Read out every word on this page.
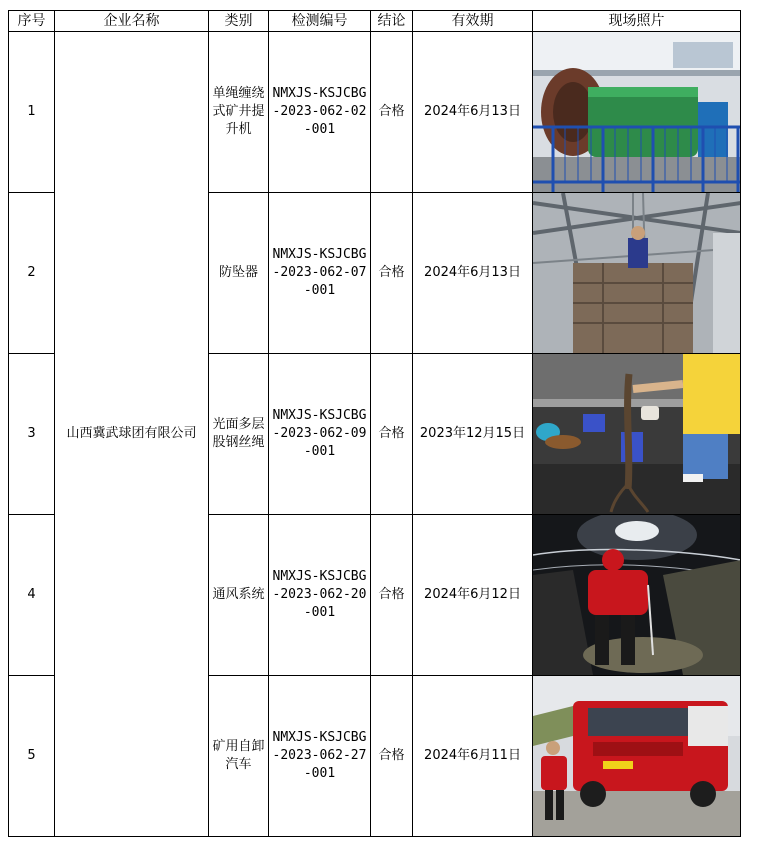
序号	企业名称	类别	检测编号	结论	有效期	现场照片
1	山西冀武球团有限公司	单绳缠绕式矿井提升机	NMXJS-KSJCBG-2023-062-02-001	合格	2024年6月13日	

2		防坠器	NMXJS-KSJCBG-2023-062-07-001	合格	2024年6月13日	

3		光面多层股钢丝绳	NMXJS-KSJCBG-2023-062-09-001	合格	2023年12月15日	

4		通风系统	NMXJS-KSJCBG-2023-062-20-001	合格	2024年6月12日	

5		矿用自卸汽车	NMXJS-KSJCBG-2023-062-27-001	合格	2024年6月11日	
